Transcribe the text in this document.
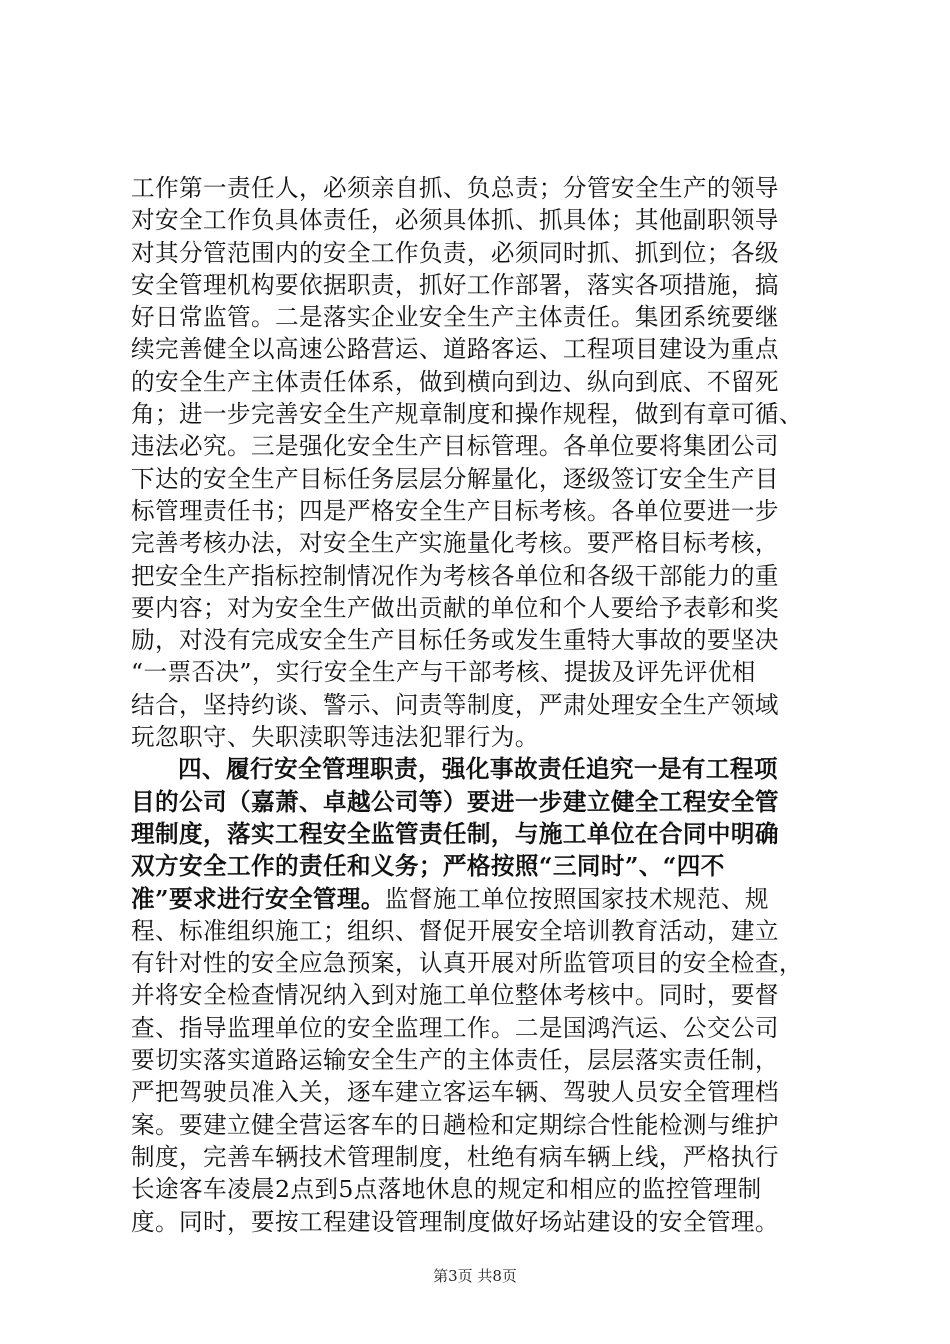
工作第一责任人，必须亲自抓、负总责；分管安全生产的领导
对安全工作负具体责任，必须具体抓、抓具体；其他副职领导
对其分管范围内的安全工作负责，必须同时抓、抓到位；各级
安全管理机构要依据职责，抓好工作部署，落实各项措施，搞
好日常监管。二是落实企业安全生产主体责任。集团系统要继
续完善健全以高速公路营运、道路客运、工程项目建设为重点
的安全生产主体责任体系，做到横向到边、纵向到底、不留死
角；进一步完善安全生产规章制度和操作规程，做到有章可循、
违法必究。三是强化安全生产目标管理。各单位要将集团公司
下达的安全生产目标任务层层分解量化，逐级签订安全生产目
标管理责任书；四是严格安全生产目标考核。各单位要进一步
完善考核办法，对安全生产实施量化考核。要严格目标考核，
把安全生产指标控制情况作为考核各单位和各级干部能力的重
要内容；对为安全生产做出贡献的单位和个人要给予表彰和奖
励，对没有完成安全生产目标任务或发生重特大事故的要坚决
“一票否决”，实行安全生产与干部考核、提拔及评先评优相
结合，坚持约谈、警示、问责等制度，严肃处理安全生产领域
玩忽职守、失职渎职等违法犯罪行为。
四、履行安全管理职责，强化事故责任追究一是有工程项
目的公司（嘉萧、卓越公司等）要进一步建立健全工程安全管
理制度，落实工程安全监管责任制，与施工单位在合同中明确
双方安全工作的责任和义务；严格按照“三同时”、“四不
准”要求进行安全管理。监督施工单位按照国家技术规范、规
程、标准组织施工；组织、督促开展安全培训教育活动，建立
有针对性的安全应急预案，认真开展对所监管项目的安全检查，
并将安全检查情况纳入到对施工单位整体考核中。同时，要督
查、指导监理单位的安全监理工作。二是国鸿汽运、公交公司
要切实落实道路运输安全生产的主体责任，层层落实责任制，
严把驾驶员准入关，逐车建立客运车辆、驾驶人员安全管理档
案。要建立健全营运客车的日趟检和定期综合性能检测与维护
制度，完善车辆技术管理制度，杜绝有病车辆上线，严格执行
长途客车凌晨2点到5点落地休息的规定和相应的监控管理制
度。同时，要按工程建设管理制度做好场站建设的安全管理。
第3页 共8页
